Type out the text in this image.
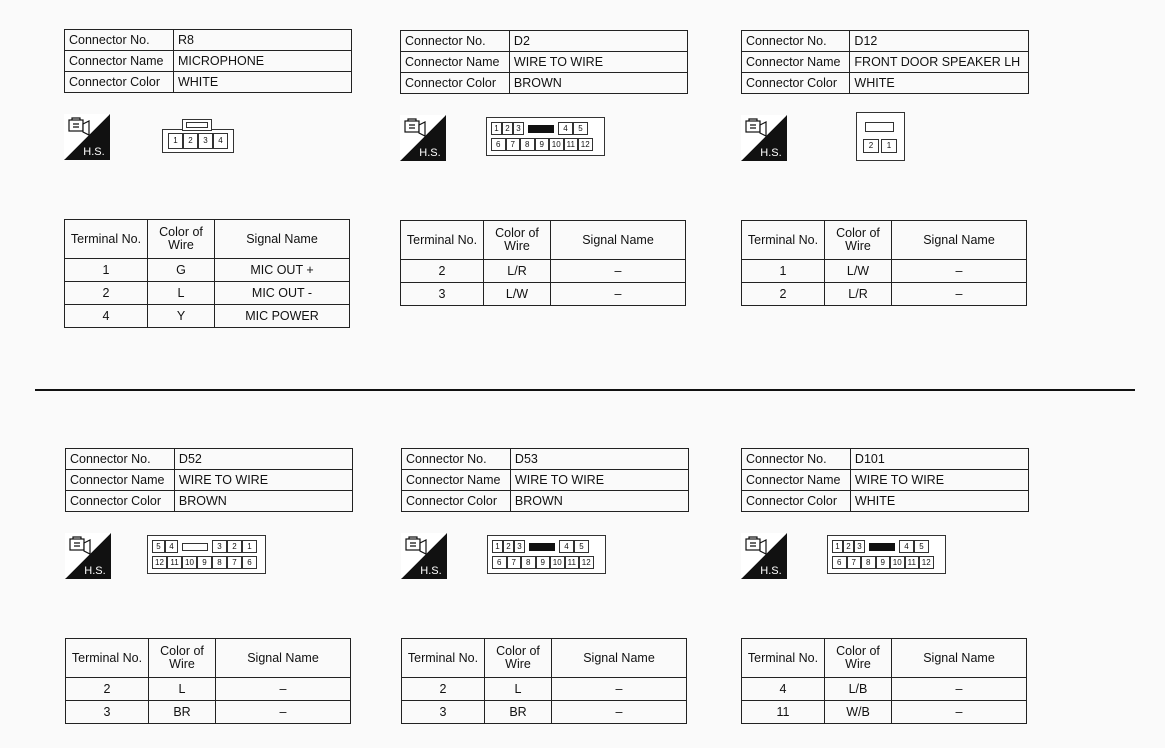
Connector No.	R8
Connector Name	MICROPHONE
Connector Color	WHITE
H.S.
1	2	3	4
Terminal No.	Color of Wire	Signal Name
1	G	MIC OUT +
2	L	MIC OUT -
4	Y	MIC POWER
Connector No.	D2
Connector Name	WIRE TO WIRE
Connector Color	BROWN
H.S.
1 2 3	4	5
6	7	8	9 10 11 12
Terminal No.	Color of Wire	Signal Name
2	L/R	–
3	L/W	–
Connector No.	D12
Connector Name	FRONT DOOR SPEAKER LH
Connector Color	WHITE
H.S.
2	1
Terminal No.	Color of Wire	Signal Name
1	L/W	–
2	L/R	–
Connector No.	D52
Connector Name	WIRE TO WIRE
Connector Color	BROWN
H.S.
5	4	3	2	1
12 11 10	9	8	7	6
Terminal No.	Color of Wire	Signal Name
2	L	–
3	BR	–
Connector No.	D53
Connector Name	WIRE TO WIRE
Connector Color	BROWN
H.S.
1 2 3	4	5
6	7	8	9 10 11 12
Terminal No.	Color of Wire	Signal Name
2	L	–
3	BR	–
Connector No.	D101
Connector Name	WIRE TO WIRE
Connector Color	WHITE
H.S.
1 2 3	4	5
6	7	8	9 10 11 12
Terminal No.	Color of Wire	Signal Name
4	L/B	–
11	W/B	–
